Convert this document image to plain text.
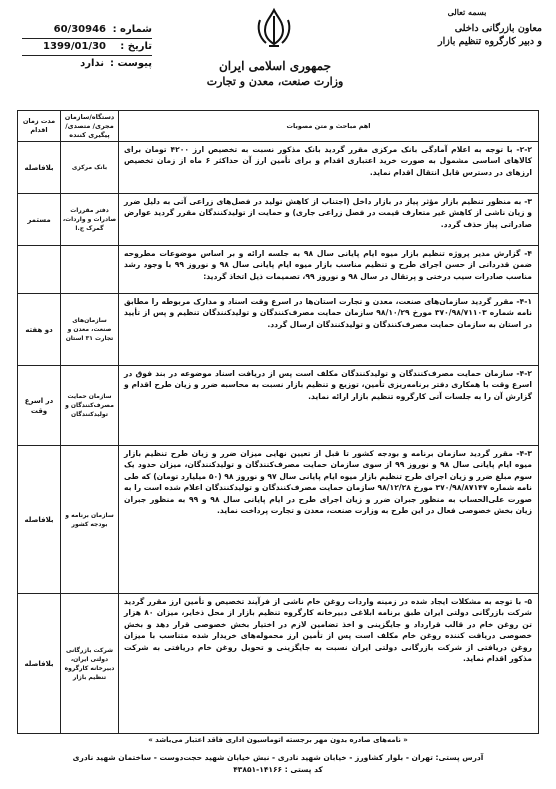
جمهوری اسلامی ایران
وزارت صنعت، معدن و تجارت
بسمه تعالی
معاون بازرگانی داخلی
و دبیر کارگروه تنظیم بازار
شماره :
60/30946
تاریخ :
1399/01/30
پیوست :
ندارد
اهم مباحث و متن مصوبات
دستگاه/سازمان مجری/ متصدی/ پیگیری کننده
مدت زمان اقدام
۲-۲- با توجه به اعلام آمادگی بانک مرکزی مقرر گردید بانک مذکور نسبت به تخصیص ارز ۴۲۰۰ تومان برای کالاهای اساسی مشمول به صورت خرید اعتباری اقدام و برای تأمین ارز آن حداکثر ۶ ماه از زمان تخصیص ارزهای در دسترس قابل انتقال اقدام نماید.
بانک مرکزی
بلافاصله
۳- به منظور تنظیم بازار مؤثر پیاز در بازار داخل (اجتناب از کاهش تولید در فصل‌های زراعی آتی به دلیل ضرر و زیان ناشی از کاهش غیر متعارف قیمت در فصل زراعی جاری) و حمایت از تولیدکنندگان مقرر گردید عوارض صادراتی پیاز حذف گردد.
دفتر مقررات صادرات و واردات، گمرک ج.ا
مستمر
۴- گزارش مدیر پروژه تنظیم بازار میوه ایام پایانی سال ۹۸ به جلسه ارائه و بر اساس موضوعات مطروحه ضمن قدردانی از حسن اجرای طرح و تنظیم مناسب بازار میوه ایام پایانی سال ۹۸ و نوروز ۹۹ با وجود رشد مناسب صادرات سیب درختی و پرتقال در سال ۹۸ و نوروز ۹۹، تصمیمات ذیل اتخاذ گردید:
۴-۱- مقرر گردید سازمان‌های صنعت، معدن و تجارت استان‌ها در اسرع وقت اسناد و مدارک مربوطه را مطابق نامه شماره ۳۷۰/۹۸/۷۱۱۰۳ مورخ ۹۸/۱۰/۲۹ سازمان حمایت مصرف‌کنندگان و تولیدکنندگان تنظیم و پس از تأیید در استان به سازمان حمایت مصرف‌کنندگان و تولیدکنندگان ارسال گردد.
سازمان‌های صنعت، معدن و تجارت ۳۱ استان
دو هفته
۴-۲- سازمان حمایت مصرف‌کنندگان و تولیدکنندگان مکلف است پس از دریافت اسناد موضوعه در بند فوق در اسرع وقت با همکاری دفتر برنامه‌ریزی تأمین، توزیع و تنظیم بازار نسبت به محاسبه ضرر و زیان طرح اقدام و گزارش آن را به جلسات آتی کارگروه تنظیم بازار ارائه نماید.
سازمان حمایت مصرف‌کنندگان و تولیدکنندگان
در اسرع وقت
۴-۳- مقرر گردید سازمان برنامه و بودجه کشور تا قبل از تعیین نهایی میزان ضرر و زیان طرح تنظیم بازار میوه ایام پایانی سال ۹۸ و نوروز ۹۹ از سوی سازمان حمایت مصرف‌کنندگان و تولیدکنندگان، میزان حدود یک سوم مبلغ ضرر و زیان اجرای طرح تنظیم بازار میوه ایام پایانی سال ۹۷ و نوروز ۹۸ (۵۰ میلیارد تومان) که طی نامه شماره ۳۷۰/۹۸/۸۷۱۴۷ مورخ ۹۸/۱۲/۲۸ سازمان حمایت مصرف‌کنندگان و تولیدکنندگان اعلام شده است را به صورت علی‌الحساب به منظور جبران ضرر و زیان اجرای طرح در ایام پایانی سال ۹۸ و ۹۹ به منظور جبران زیان بخش خصوصی فعال در این طرح به وزارت صنعت، معدن و تجارت پرداخت نماید.
سازمان برنامه و بودجه کشور
بلافاصله
۵- با توجه به مشکلات ایجاد شده در زمینه واردات روغن خام ناشی از فرآیند تخصیص و تأمین ارز مقرر گردید شرکت بازرگانی دولتی ایران طبق برنامه ابلاغی دبیرخانه کارگروه تنظیم بازار از محل ذخایر، میزان ۸۰ هزار تن روغن خام در قالب قرارداد و جایگزینی و اخذ تضامین لازم در اختیار بخش خصوصی قرار دهد و بخش خصوصی دریافت کننده روغن خام مکلف است پس از تأمین ارز محموله‌های خریدار شده متناسب با میزان روغن دریافتی از شرکت بازرگانی دولتی ایران نسبت به جایگزینی و تحویل روغن خام دریافتی به شرکت مذکور اقدام نماید.
شرکت بازرگانی دولتی ایران، دبیرخانه کارگروه تنظیم بازار
بلافاصله
« نامه‌های صادره بدون مهر برجسته اتوماسیون اداری فاقد اعتبار می‌باشد »
آدرس پستی: تهران - بلوار کشاورز - خیابان شهید نادری - نبش خیابان شهید حجت‌دوست - ساختمان شهید نادری
کد پستی : ۱۴۱۶۶-۴۳۸۵۱
